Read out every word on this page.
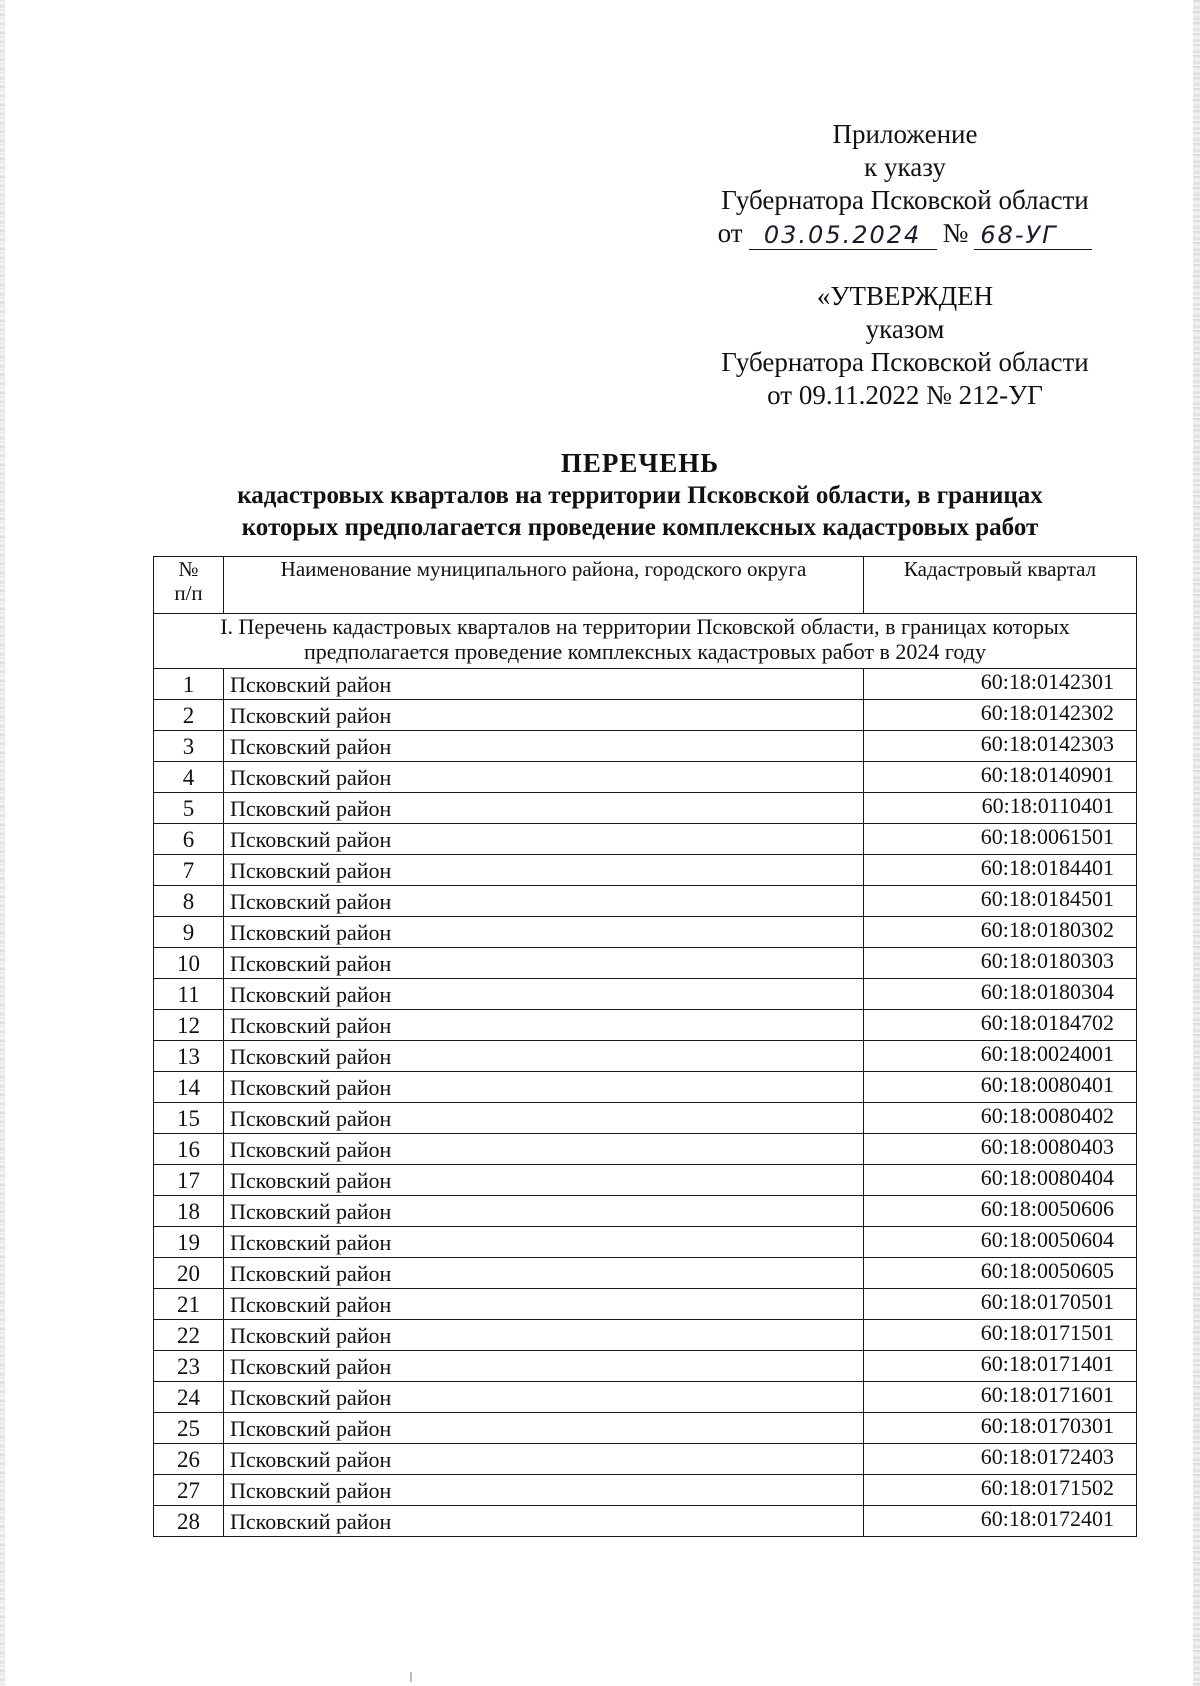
Приложение
к указу
Губернатора Псковской области
от 03.05.2024 № 68-УГ
«УТВЕРЖДЕН
указом
Губернатора Псковской области
от 09.11.2022 № 212-УГ
ПЕРЕЧЕНЬ
кадастровых кварталов на территории Псковской области, в границах
которых предполагается проведение комплексных кадастровых работ
№
п/п	Наименование муниципального района, городского округа	Кадастровый квартал
I. Перечень кадастровых кварталов на территории Псковской области, в границах которых
предполагается проведение комплексных кадастровых работ в 2024 году		
1	Псковский район	60:18:0142301
2	Псковский район	60:18:0142302
3	Псковский район	60:18:0142303
4	Псковский район	60:18:0140901
5	Псковский район	60:18:0110401
6	Псковский район	60:18:0061501
7	Псковский район	60:18:0184401
8	Псковский район	60:18:0184501
9	Псковский район	60:18:0180302
10	Псковский район	60:18:0180303
11	Псковский район	60:18:0180304
12	Псковский район	60:18:0184702
13	Псковский район	60:18:0024001
14	Псковский район	60:18:0080401
15	Псковский район	60:18:0080402
16	Псковский район	60:18:0080403
17	Псковский район	60:18:0080404
18	Псковский район	60:18:0050606
19	Псковский район	60:18:0050604
20	Псковский район	60:18:0050605
21	Псковский район	60:18:0170501
22	Псковский район	60:18:0171501
23	Псковский район	60:18:0171401
24	Псковский район	60:18:0171601
25	Псковский район	60:18:0170301
26	Псковский район	60:18:0172403
27	Псковский район	60:18:0171502
28	Псковский район	60:18:0172401
